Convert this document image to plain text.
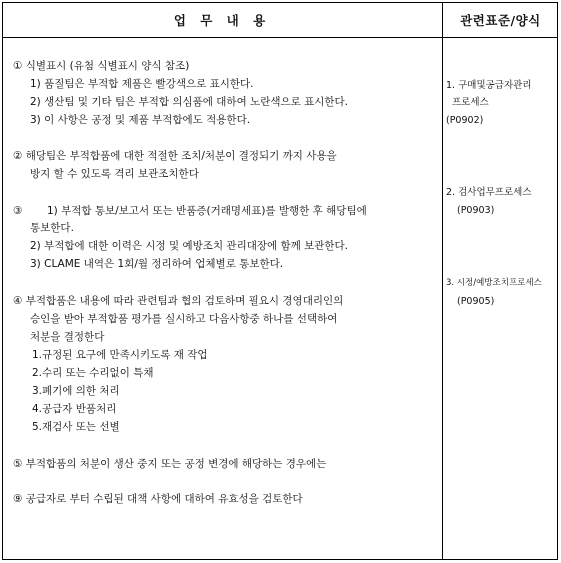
업 무 내 용	관련표준/양식
① 식별표시 (유첨 식별표시 양식 참조)
1) 품질팀은 부적합 제품은 빨강색으로 표시한다.
2) 생산팀 및 기타 팀은 부적합 의심품에 대하여 노란색으로 표시한다.
3) 이 사항은 공정 및 제품 부적합에도 적용한다.
② 해당팀은 부적합품에 대한 적절한 조치/처분이 결정되기 까지 사용을
방지 할 수 있도록 격리 보관조치한다
③ 1) 부적합 통보/보고서 또는 반품증(거래명세표)를 발행한 후 해당팀에
통보한다.
2) 부적합에 대한 이력은 시정 및 예방조치 관리대장에 함께 보관한다.
3) CLAME 내역은 1회/월 정리하여 업체별로 통보한다.
④ 부적합품은 내용에 따라 관련팀과 협의 검토하며 필요시 경영대리인의
승인을 받아 부적합품 평가를 실시하고 다음사항중 하나를 선택하여
처분을 결정한다
1.규정된 요구에 만족시키도록 재 작업
2.수리 또는 수리없이 특채
3.폐기에 의한 처리
4.공급자 반품처리
5.재검사 또는 선별
⑤ 부적합품의 처분이 생산 중지 또는 공정 변경에 해당하는 경우에는
⑨ 공급자로 부터 수립된 대책 사항에 대하여 유효성을 검토한다
1. 구매및공급자관리
프로세스
(P0902)
2. 검사업무프로세스
(P0903)
3. 시정/예방조치프로세스
(P0905)
